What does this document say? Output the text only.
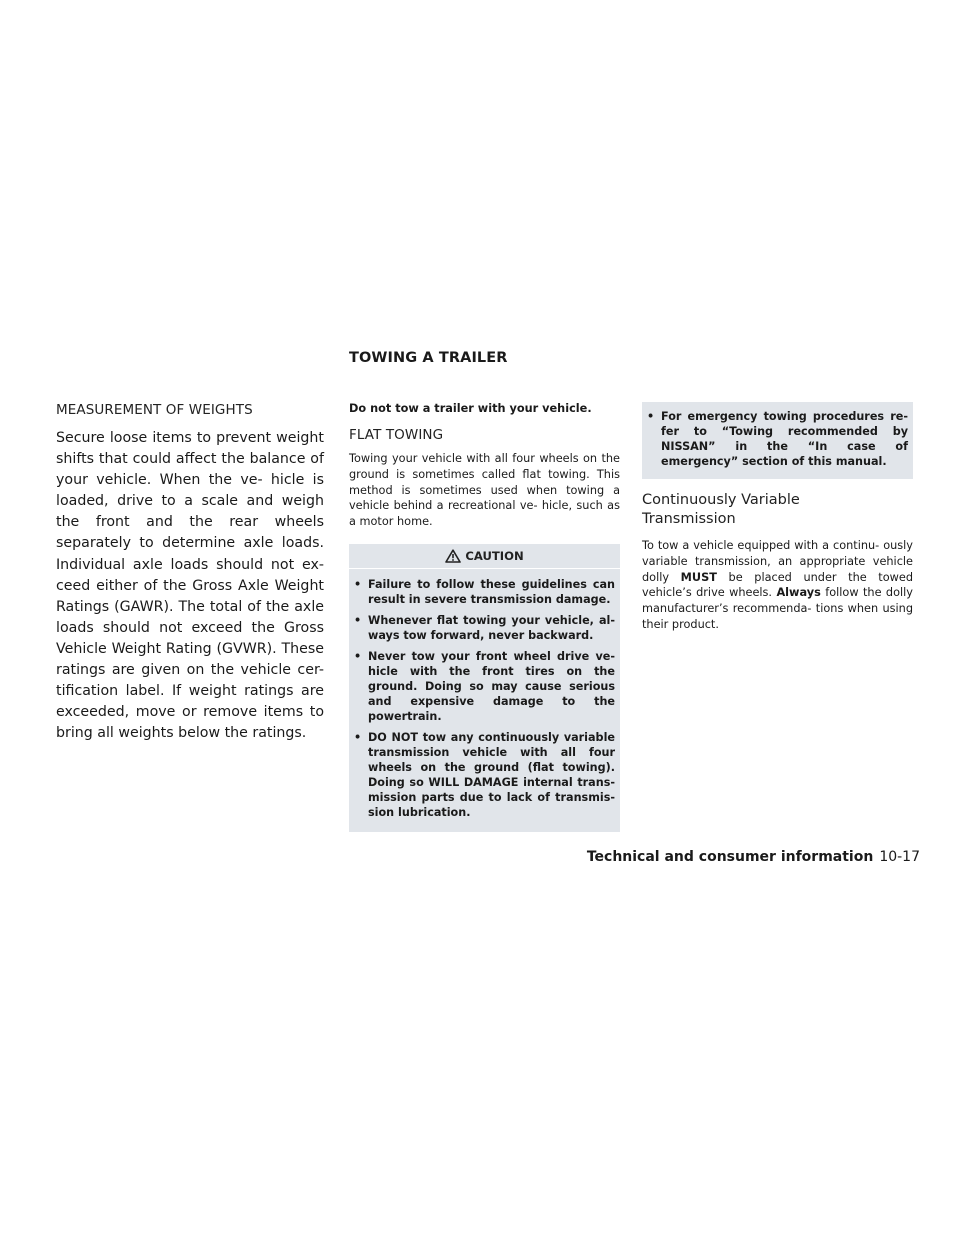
TOWING A TRAILER
MEASUREMENT OF WEIGHTS

Secure loose items to prevent weight shifts that could affect the balance of your vehicle. When the ve- hicle is loaded, drive to a scale and weigh the front and the rear wheels separately to determine axle loads. Individual axle loads should not ex- ceed either of the Gross Axle Weight Ratings (GAWR). The total of the axle loads should not exceed the Gross Vehicle Weight Rating (GVWR). These ratings are given on the vehicle cer- tification label. If weight ratings are exceeded, move or remove items to bring all weights below the ratings.

Do not tow a trailer with your vehicle.

FLAT TOWING

Towing your vehicle with all four wheels on the ground is sometimes called flat towing. This method is sometimes used when towing a vehicle behind a recreational ve- hicle, such as a motor home.

CAUTION
• Failure to follow these guidelines can result in severe transmission damage.
• Whenever flat towing your vehicle, al- ways tow forward, never backward.
• Never tow your front wheel drive ve- hicle with the front tires on the ground. Doing so may cause serious and expensive damage to the powertrain.
• DO NOT tow any continuously variable transmission vehicle with all four wheels on the ground (flat towing). Doing so WILL DAMAGE internal trans- mission parts due to lack of transmis- sion lubrication.
• For emergency towing procedures re- fer to “Towing recommended by NISSAN” in the “In case of emergency” section of this manual.
Continuously Variable
Transmission

To tow a vehicle equipped with a continu- ously variable transmission, an appropriate vehicle dolly MUST be placed under the towed vehicle’s drive wheels. Always follow the dolly manufacturer’s recommenda- tions when using their product.

Technical and consumer information 10-17
